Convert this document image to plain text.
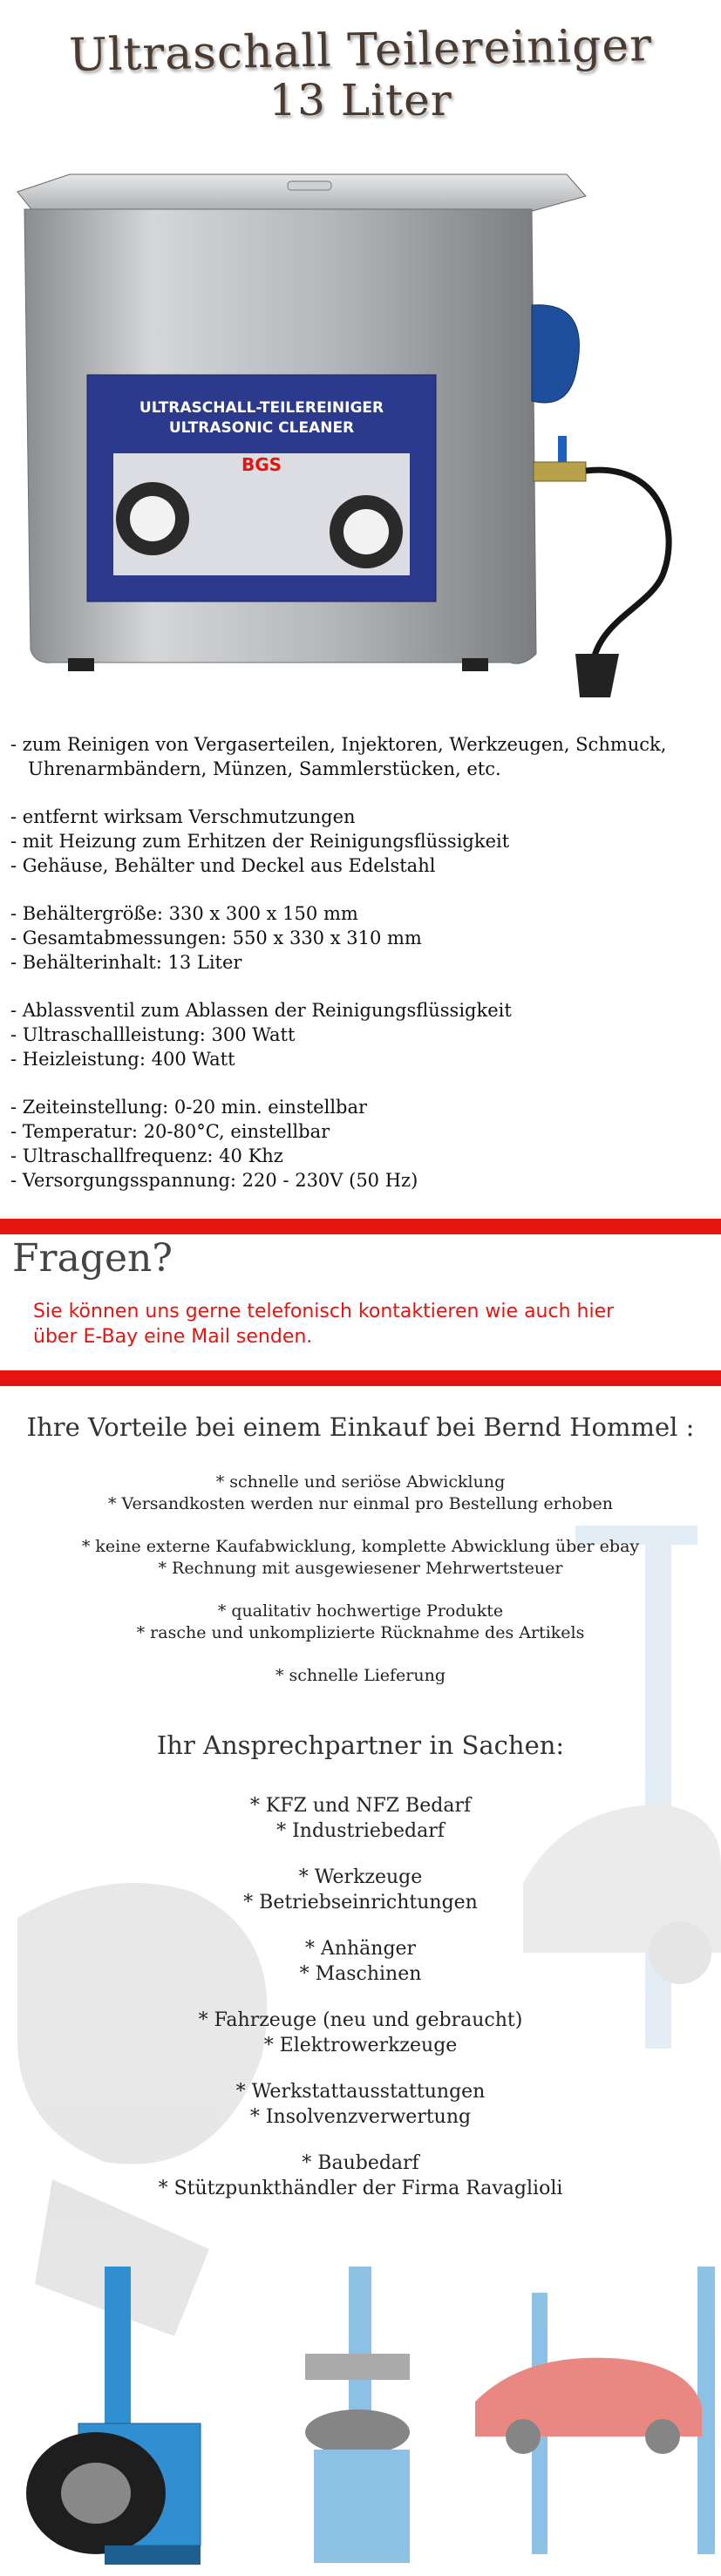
Ultraschall Teilereiniger
13 Liter
BGS
ULTRASCHALL-TEILEREINIGER
ULTRASONIC CLEANER
- zum Reinigen von Vergaserteilen, Injektoren, Werkzeugen, Schmuck,
Uhrenarmbändern, Münzen, Sammlerstücken, etc.
- entfernt wirksam Verschmutzungen
- mit Heizung zum Erhitzen der Reinigungsflüssigkeit
- Gehäuse, Behälter und Deckel aus Edelstahl
- Behältergröße: 330 x 300 x 150 mm
- Gesamtabmessungen: 550 x 330 x 310 mm
- Behälterinhalt: 13 Liter
- Ablassventil zum Ablassen der Reinigungsflüssigkeit
- Ultraschallleistung: 300 Watt
- Heizleistung: 400 Watt
- Zeiteinstellung: 0-20 min. einstellbar
- Temperatur: 20-80°C, einstellbar
- Ultraschallfrequenz: 40 Khz
- Versorgungsspannung: 220 - 230V (50 Hz)
Fragen?
Sie können uns gerne telefonisch kontaktieren wie auch hier
über E-Bay eine Mail senden.
Ihre Vorteile bei einem Einkauf bei Bernd Hommel :
* schnelle und seriöse Abwicklung
* Versandkosten werden nur einmal pro Bestellung erhoben
* keine externe Kaufabwicklung, komplette Abwicklung über ebay
* Rechnung mit ausgewiesener Mehrwertsteuer
* qualitativ hochwertige Produkte
* rasche und unkomplizierte Rücknahme des Artikels
* schnelle Lieferung
Ihr Ansprechpartner in Sachen:
* KFZ und NFZ Bedarf
* Industriebedarf
* Werkzeuge
* Betriebseinrichtungen
* Anhänger
* Maschinen
* Fahrzeuge (neu und gebraucht)
* Elektrowerkzeuge
* Werkstattausstattungen
* Insolvenzverwertung
* Baubedarf
* Stützpunkthändler der Firma Ravaglioli
